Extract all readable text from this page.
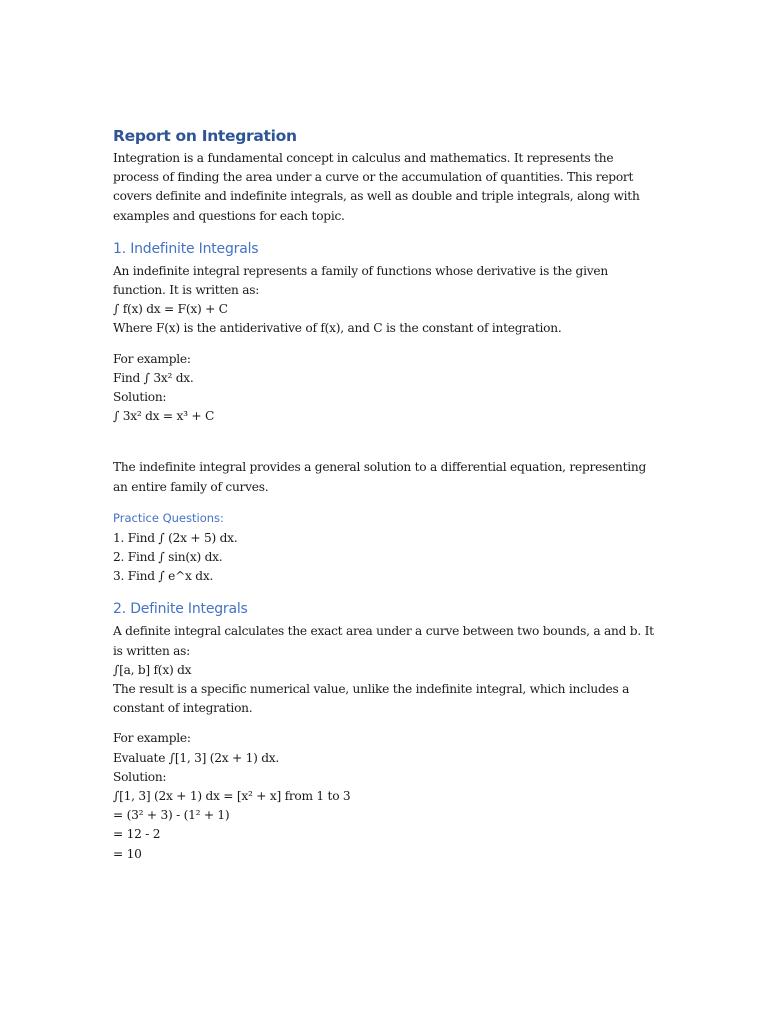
Report on Integration

Integration is a fundamental concept in calculus and mathematics. It represents the process of finding the area under a curve or the accumulation of quantities. This report covers definite and indefinite integrals, as well as double and triple integrals, along with examples and questions for each topic.

1. Indefinite Integrals

An indefinite integral represents a family of functions whose derivative is the given function. It is written as:

∫ f(x) dx = F(x) + C
Where F(x) is the antiderivative of f(x), and C is the constant of integration.
For example:
Find ∫ 3x² dx.
Solution:
∫ 3x² dx = x³ + C

The indefinite integral provides a general solution to a differential equation, representing an entire family of curves.

Practice Questions:
1. Find ∫ (2x + 5) dx.
2. Find ∫ sin(x) dx.
3. Find ∫ e^x dx.
2. Definite Integrals

A definite integral calculates the exact area under a curve between two bounds, a and b. It is written as:

∫[a, b] f(x) dx

The result is a specific numerical value, unlike the indefinite integral, which includes a constant of integration.

For example:
Evaluate ∫[1, 3] (2x + 1) dx.
Solution:
∫[1, 3] (2x + 1) dx = [x² + x] from 1 to 3
= (3² + 3) - (1² + 1)
= 12 - 2
= 10
